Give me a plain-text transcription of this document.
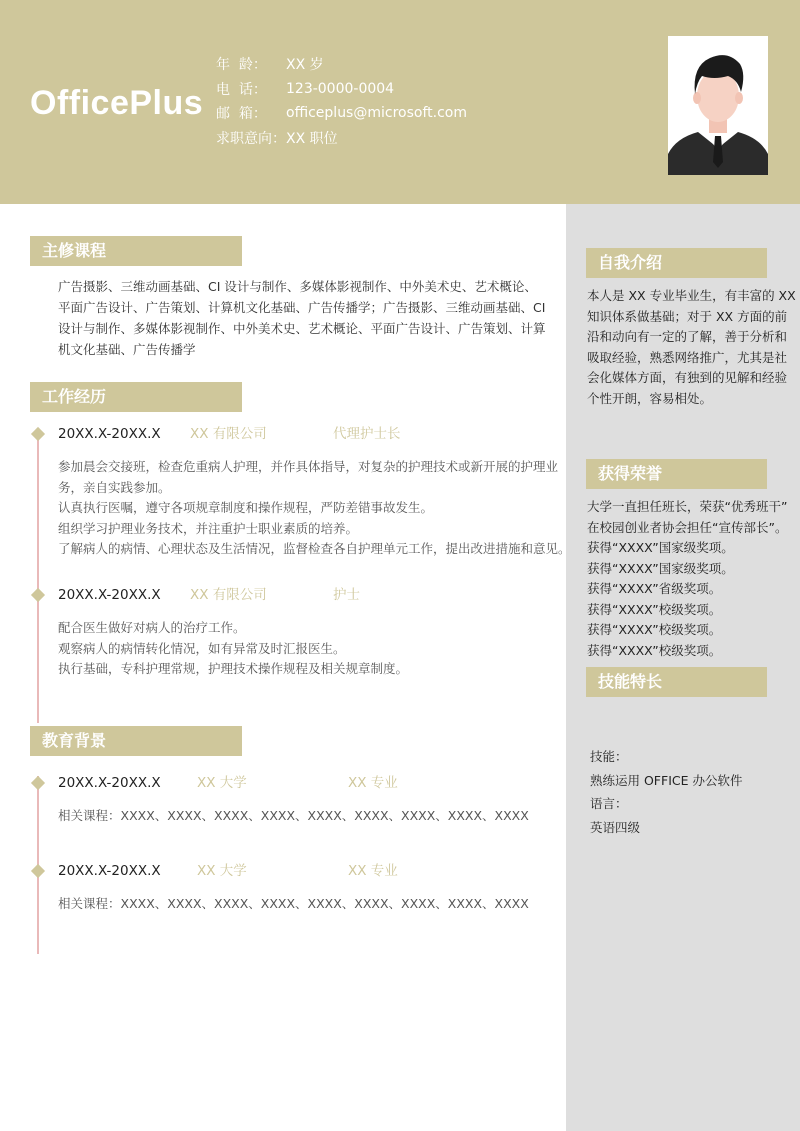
OfficePlus
年  龄： XX 岁
电  话： 123-0000-0004
邮  箱： officeplus@microsoft.com
求职意向： XX 职位
主修课程
广告摄影、三维动画基础、CI 设计与制作、多媒体影视制作、中外美术史、艺术概论、平面广告设计、广告策划、计算机文化基础、广告传播学；广告摄影、三维动画基础、CI 设计与制作、多媒体影视制作、中外美术史、艺术概论、平面广告设计、广告策划、计算机文化基础、广告传播学
工作经历
20XX.X-20XX.X XX 有限公司	代理护士长
参加晨会交接班，检查危重病人护理，并作具体指导，对复杂的护理技术或新开展的护理业
务，亲自实践参加。
认真执行医嘱，遵守各项规章制度和操作规程，严防差错事故发生。
组织学习护理业务技术，并注重护士职业素质的培养。
了解病人的病情、心理状态及生活情况，监督检查各自护理单元工作，提出改进措施和意见。
20XX.X-20XX.X XX 有限公司	护士
配合医生做好对病人的治疗工作。
观察病人的病情转化情况，如有异常及时汇报医生。
执行基础，专科护理常规，护理技术操作规程及相关规章制度。
教育背景
20XX.X-20XX.X	XX 大学	XX 专业
相关课程：XXXX、XXXX、XXXX、XXXX、XXXX、XXXX、XXXX、XXXX、XXXX
20XX.X-20XX.X	XX 大学	XX 专业
相关课程：XXXX、XXXX、XXXX、XXXX、XXXX、XXXX、XXXX、XXXX、XXXX
自我介绍
本人是 XX 专业毕业生，有丰富的 XX
知识体系做基础；对于 XX 方面的前
沿和动向有一定的了解，善于分析和
吸取经验，熟悉网络推广，尤其是社
会化媒体方面，有独到的见解和经验
个性开朗，容易相处。
获得荣誉
大学一直担任班长，荣获“优秀班干”
在校园创业者协会担任“宣传部长”。
获得“XXXX”国家级奖项。
获得“XXXX”国家级奖项。
获得“XXXX”省级奖项。
获得“XXXX”校级奖项。
获得“XXXX”校级奖项。
获得“XXXX”校级奖项。
技能特长
技能：
熟练运用 OFFICE 办公软件
语言：
英语四级
